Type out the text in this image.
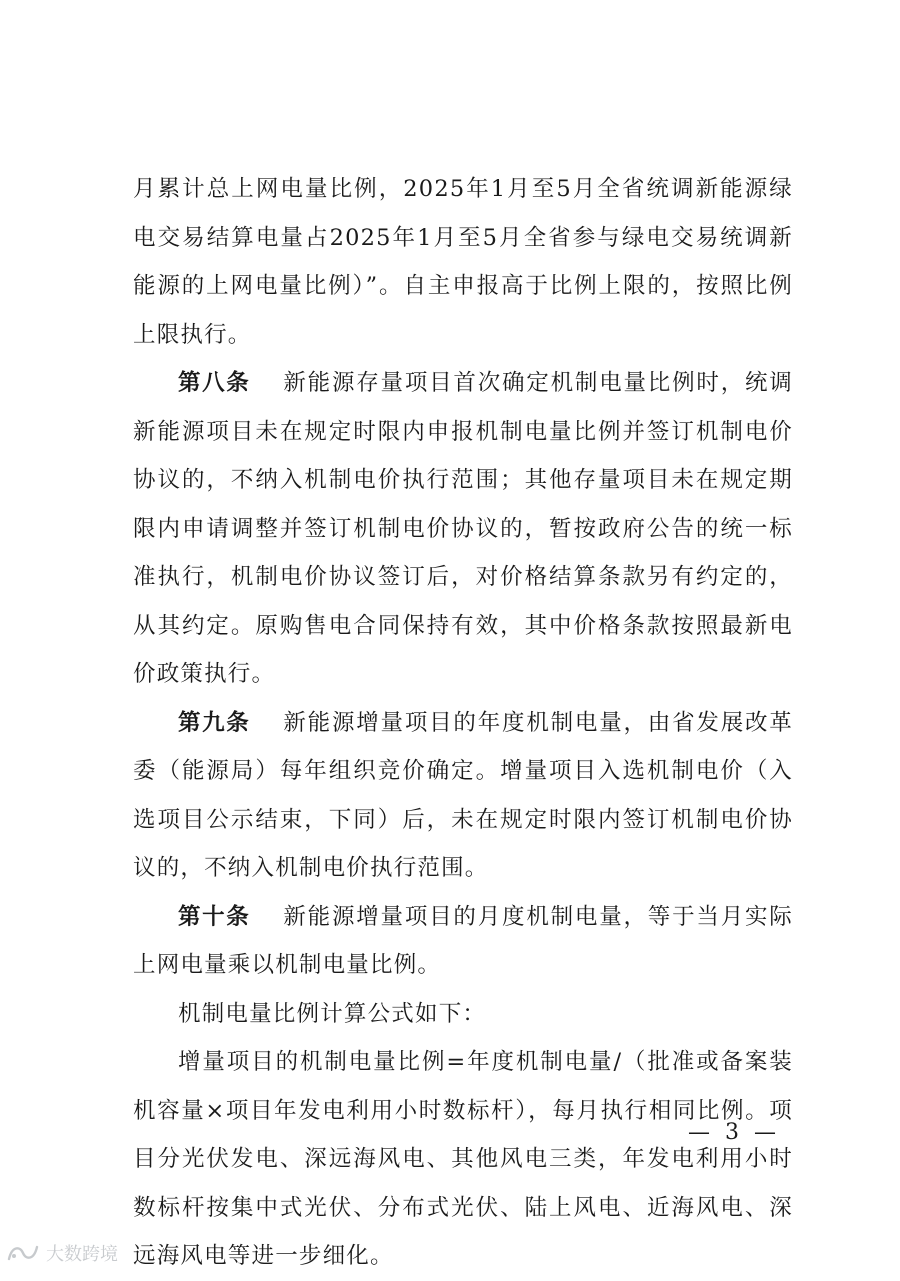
月累计总上网电量比例，2025年1月至5月全省统调新能源绿电交易结算电量占2025年1月至5月全省参与绿电交易统调新能源的上网电量比例）”。自主申报高于比例上限的，按照比例上限执行。

第八条　 新能源存量项目首次确定机制电量比例时，统调新能源项目未在规定时限内申报机制电量比例并签订机制电价协议的，不纳入机制电价执行范围；其他存量项目未在规定期限内申请调整并签订机制电价协议的，暂按政府公告的统一标准执行，机制电价协议签订后，对价格结算条款另有约定的，从其约定。原购售电合同保持有效，其中价格条款按照最新电价政策执行。

第九条　 新能源增量项目的年度机制电量，由省发展改革委（能源局）每年组织竞价确定。增量项目入选机制电价（入选项目公示结束，下同）后，未在规定时限内签订机制电价协议的，不纳入机制电价执行范围。

第十条　 新能源增量项目的月度机制电量，等于当月实际上网电量乘以机制电量比例。

机制电量比例计算公式如下：

增量项目的机制电量比例=年度机制电量/（批准或备案装机容量×项目年发电利用小时数标杆），每月执行相同比例。项目分光伏发电、深远海风电、其他风电三类，年发电利用小时数标杆按集中式光伏、分布式光伏、陆上风电、近海风电、深远海风电等进一步细化。

— 3 —
大数跨境
